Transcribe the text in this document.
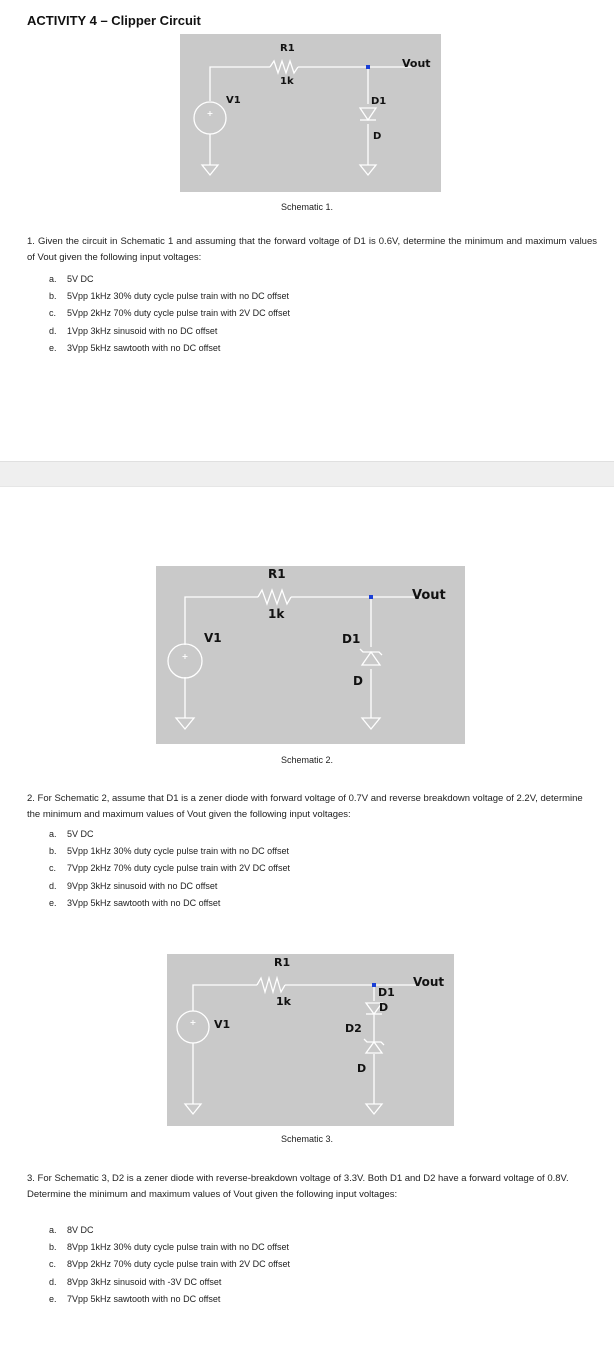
ACTIVITY 4 – Clipper Circuit
+
R1
1k
V1	D1
D
Vout
Schematic 1.
1. Given the circuit in Schematic 1 and assuming that the forward voltage of D1 is 0.6V, determine the minimum and maximum values of Vout given the following input voltages:
a. 5V DC
b. 5Vpp 1kHz 30% duty cycle pulse train with no DC offset
c. 5Vpp 2kHz 70% duty cycle pulse train with 2V DC offset
d. 1Vpp 3kHz sinusoid with no DC offset
e. 3Vpp 5kHz sawtooth with no DC offset
+
R1
1k
V1	D1
D
Vout
Schematic 2.
2. For Schematic 2, assume that D1 is a zener diode with forward voltage of 0.7V and reverse breakdown voltage of 2.2V, determine the minimum and maximum values of Vout given the following input voltages:
a. 5V DC
b. 5Vpp 1kHz 30% duty cycle pulse train with no DC offset
c. 7Vpp 2kHz 70% duty cycle pulse train with 2V DC offset
d. 9Vpp 3kHz sinusoid with no DC offset
e. 3Vpp 5kHz sawtooth with no DC offset
+
R1
1k
V1
D1
D
D2
D
Vout
Schematic 3.
3. For Schematic 3, D2 is a zener diode with reverse-breakdown voltage of 3.3V. Both D1 and D2 have a forward voltage of 0.8V. Determine the minimum and maximum values of Vout given the following input voltages:
a. 8V DC
b. 8Vpp 1kHz 30% duty cycle pulse train with no DC offset
c. 8Vpp 2kHz 70% duty cycle pulse train with 2V DC offset
d. 8Vpp 3kHz sinusoid with -3V DC offset
e. 7Vpp 5kHz sawtooth with no DC offset
